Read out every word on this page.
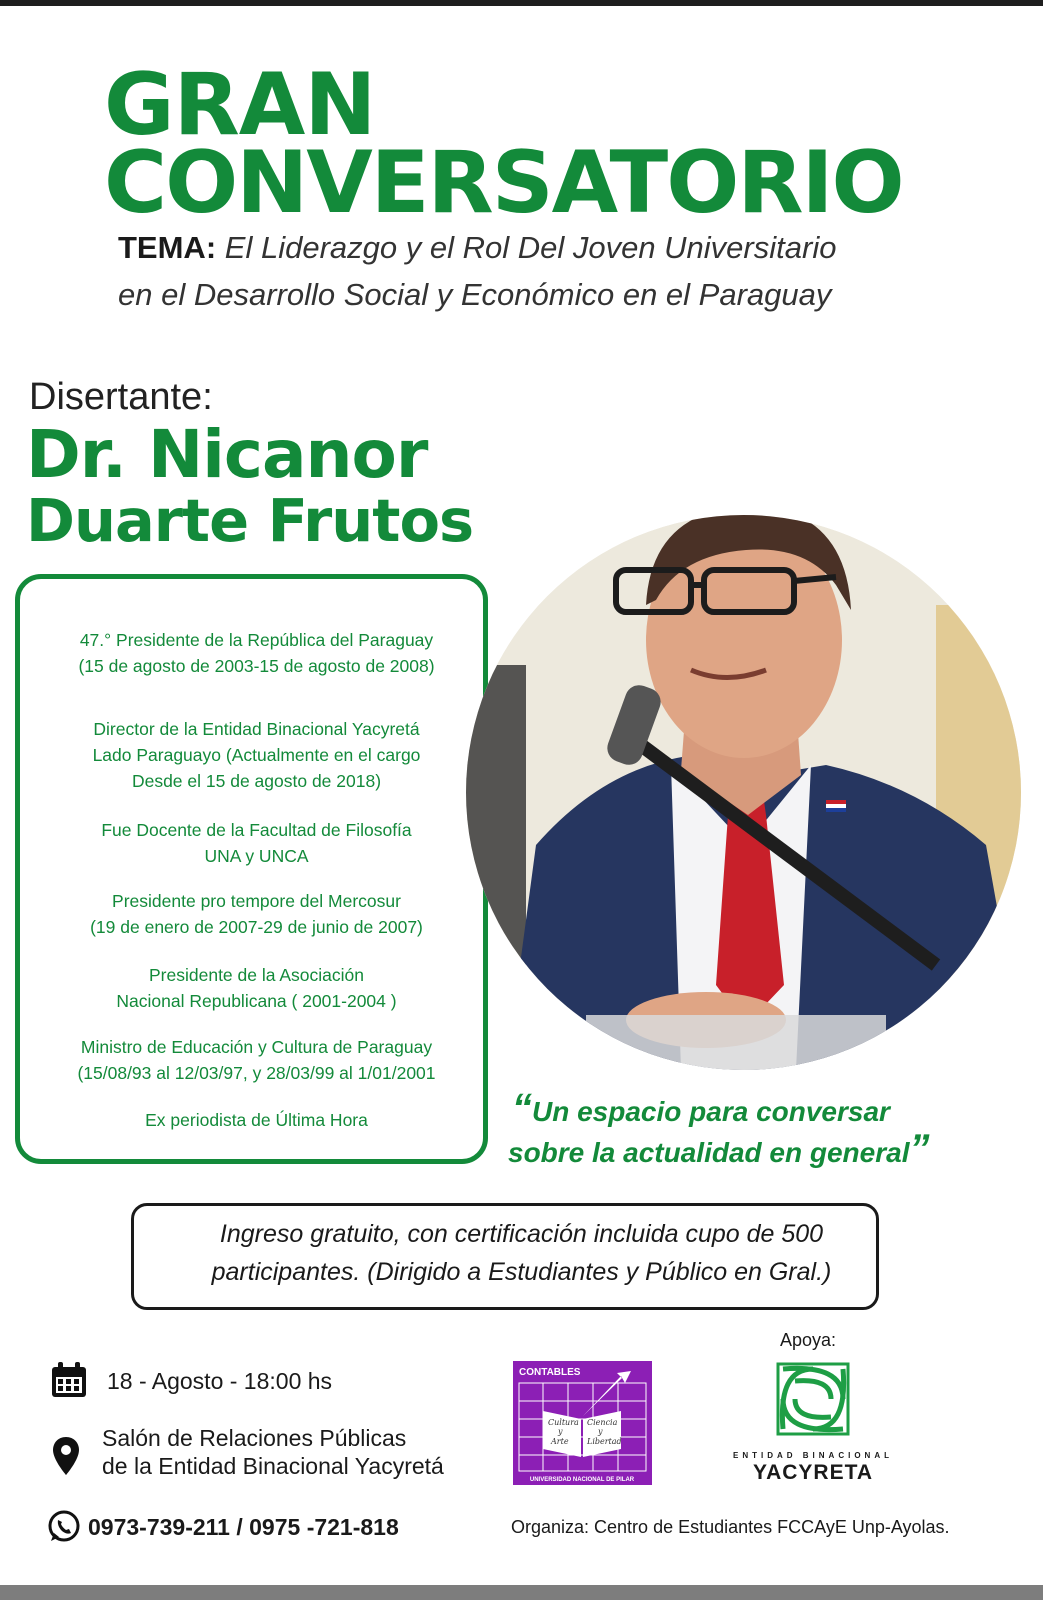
GRAN
CONVERSATORIO
TEMA: El Liderazgo y el Rol Del Joven Universitario
en el Desarrollo Social y Económico en el Paraguay
Disertante:
Dr. Nicanor
Duarte Frutos
47.° Presidente de la República del Paraguay
(15 de agosto de 2003-15 de agosto de 2008)
Director de la Entidad Binacional Yacyretá
Lado Paraguayo (Actualmente en el cargo
Desde el 15 de agosto de 2018)
Fue Docente de la Facultad de Filosofía
UNA y UNCA
Presidente pro tempore del Mercosur
(19 de enero de 2007-29 de junio de 2007)
Presidente de la Asociación
Nacional Republicana ( 2001-2004 )
Ministro de Educación y Cultura de Paraguay
(15/08/93 al 12/03/97, y 28/03/99 al 1/01/2001
Ex periodista de Última Hora	“Un espacio para conversar
sobre la actualidad en general”
Ingreso gratuito, con certificación incluida cupo de 500
participantes. (Dirigido a Estudiantes y Público en Gral.)
18 - Agosto - 18:00 hs
Salón de Relaciones Públicas
de la Entidad Binacional Yacyretá
0973-739-211 / 0975 -721-818	Organiza: Centro de Estudiantes FCCAyE Unp-Ayolas.
Apoya:
CONTABLES
Cultura
y
Arte
Ciencia
y
Libertad
UNIVERSIDAD NACIONAL DE PILAR
ENTIDAD BINACIONAL
YACYRETA
